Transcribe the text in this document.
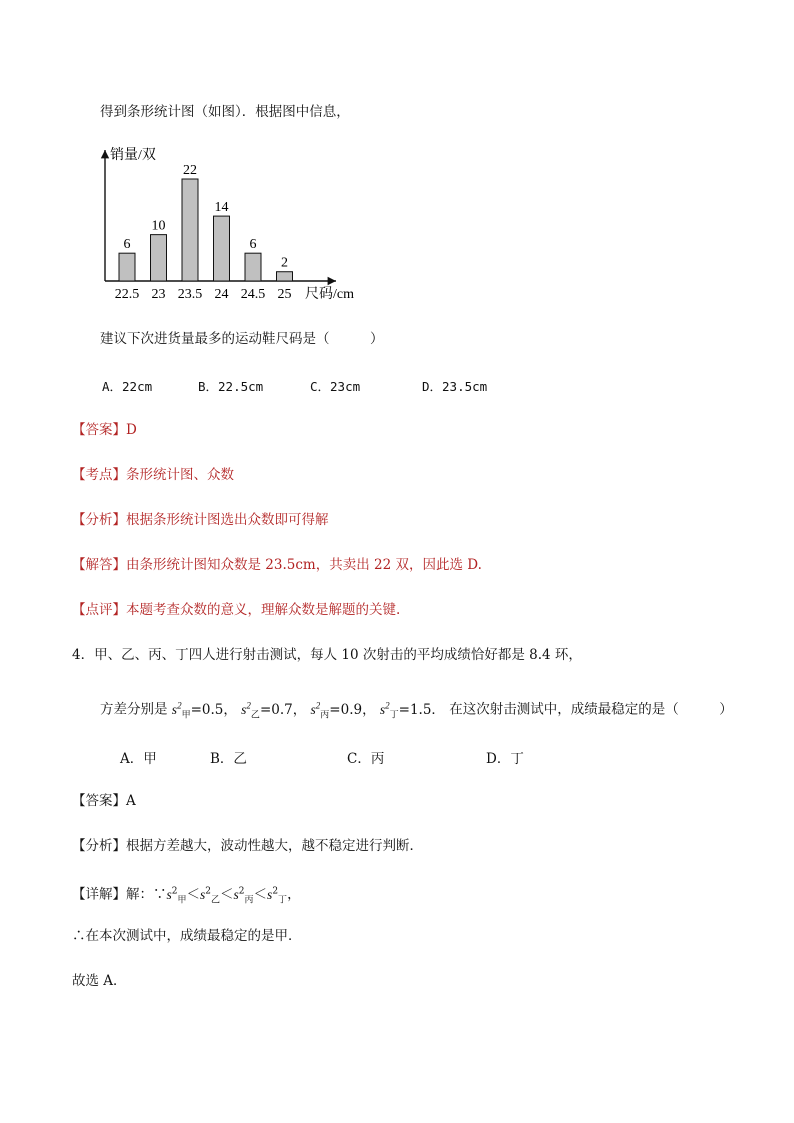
得到条形统计图（如图）．根据图中信息，
销量/双
尺码/cm
6
22.5
10
23
22
23.5
14
24
6
24.5
2
25
建议下次进货量最多的运动鞋尺码是（　　　）
A．22cm	B．22.5cm	C．23cm	D．23.5cm
【答案】D
【考点】条形统计图、众数
【分析】根据条形统计图选出众数即可得解
【解答】由条形统计图知众数是 23.5cm，共卖出 22 双，因此选 D.
【点评】本题考查众数的意义，理解众数是解题的关键.
4．甲、乙、丙、丁四人进行射击测试，每人 10 次射击的平均成绩恰好都是 8.4 环，
方差分别是 $s^2_甲=0.5$， $s^2_乙=0.7$， $s^2_丙=0.9$， $s^2_丁=1.5$． 在这次射击测试中，成绩最稳定的是（　　　）
A．甲	B．乙	C．丙	D．丁
【答案】A
【分析】根据方差越大，波动性越大，越不稳定进行判断．
【详解】解：$\because s^2_甲<s^2_乙<s^2_丙<s^2_丁$，
∴在本次测试中，成绩最稳定的是甲．
故选 A．
